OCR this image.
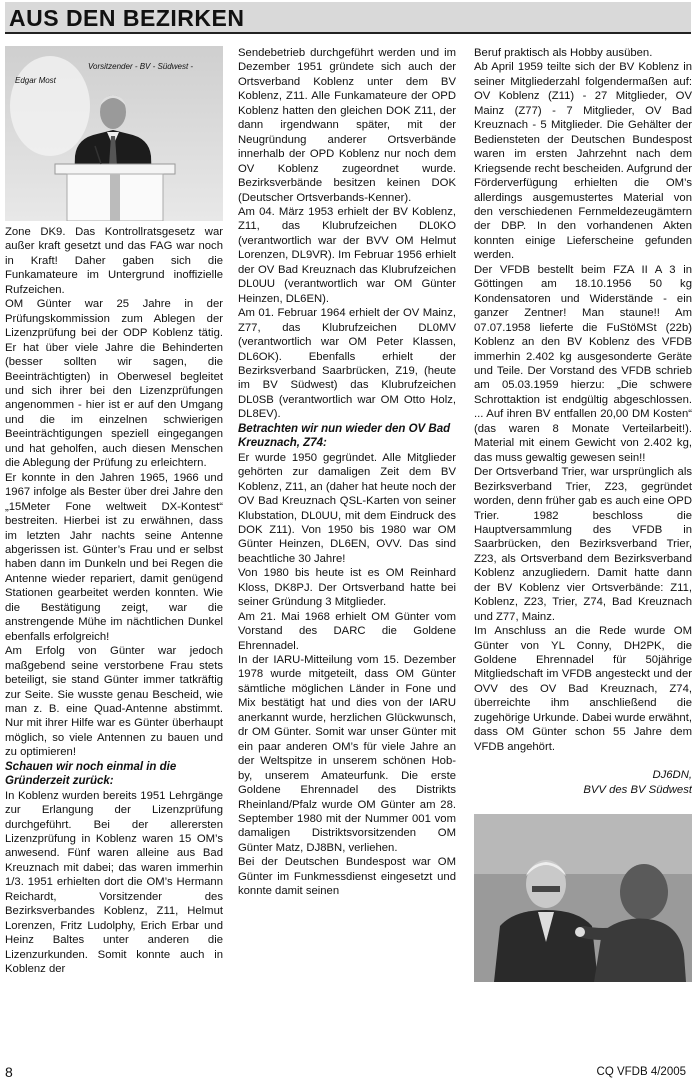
AUS DEN BEZIRKEN
Vorsitzender - BV - Südwest -
Edgar Most

Zone DK9. Das Kontrollratsgesetz war außer kraft gesetzt und das FAG war noch in Kraft! Daher gaben sich die Funkamateure im Untergrund inoffizielle Rufzeichen.

OM Günter war 25 Jahre in der Prüfungskommission zum Ablegen der Lizenzprüfung bei der ODP Koblenz tätig. Er hat über viele Jahre die Behinderten (besser sollten wir sagen, die Beeinträchtigten) in Oberwesel begleitet und sich ihrer bei den Lizenzprüfungen angenommen - hier ist er auf den Umgang und die im einzelnen schwierigen Beeinträchtigungen speziell eingegangen und hat geholfen, auch diesen Menschen die Ablegung der Prüfung zu erleichtern.

Er konnte in den Jahren 1965, 1966 und 1967 infolge als Bester über drei Jahre den „15Meter Fone weltweit DX-Kontest“ bestreiten. Hierbei ist zu erwähnen, dass im letzten Jahr nachts seine Antenne abgerissen ist. Günter’s Frau und er selbst haben dann im Dunkeln und bei Regen die Antenne wieder repariert, damit genügend Stationen gearbeitet werden konnten. Wie die Bestätigung zeigt, war die anstrengende Mühe im nächtlichen Dunkel ebenfalls erfolgreich!

Am Erfolg von Günter war jedoch maßgebend seine verstorbene Frau stets beteiligt, sie stand Günter immer tatkräftig zur Seite. Sie wusste genau Bescheid, wie man z. B. eine Quad-Antenne abstimmt. Nur mit ihrer Hilfe war es Günter überhaupt möglich, so viele Antennen zu bauen und zu optimieren!

Schauen wir noch einmal in die Gründerzeit zurück:

In Koblenz wurden bereits 1951 Lehrgänge zur Erlangung der Lizenzprüfung durchgeführt. Bei der allerersten Lizenzprüfung in Koblenz waren 15 OM’s anwesend. Fünf waren alleine aus Bad Kreuznach mit dabei; das waren immerhin 1/3. 1951 erhielten dort die OM’s Hermann Reichardt, Vorsitzender des Bezirksverbandes Koblenz, Z11, Helmut Lorenzen, Fritz Ludolphy, Erich Erbar und Heinz Baltes unter anderen die Lizenzurkunden. Somit konnte auch in Koblenz der

Sendebetrieb durchgeführt werden und im Dezember 1951 gründete sich auch der Ortsverband Koblenz unter dem BV Koblenz, Z11. Alle Funkamateure der OPD Koblenz hatten den gleichen DOK Z11, der dann irgendwann später, mit der Neugründung anderer Ortsverbände innerhalb der OPD Koblenz nur noch dem OV Koblenz zugeordnet wurde. Bezirksverbände besitzen keinen DOK (Deutscher Ortsverbands-Kenner).

Am 04. März 1953 erhielt der BV Koblenz, Z11, das Klubrufzeichen DL0KO (verantwortlich war der BVV OM Helmut Lorenzen, DL9VR). Im Februar 1956 erhielt der OV Bad Kreuznach das Klubrufzeichen DL0UU (verantwortlich war OM Günter Heinzen, DL6EN).

Am 01. Februar 1964 erhielt der OV Mainz, Z77, das Klubrufzeichen DL0MV (verantwortlich war OM Peter Klassen, DL6OK). Ebenfalls erhielt der Bezirksverband Saarbrücken, Z19, (heute im BV Südwest) das Klubrufzeichen DL0SB (verantwortlich war OM Otto Holz, DL8EV).

Betrachten wir nun wieder den OV Bad Kreuznach, Z74:

Er wurde 1950 gegründet. Alle Mitglieder gehörten zur damaligen Zeit dem BV Koblenz, Z11, an (daher hat heute noch der OV Bad Kreuznach QSL-Karten von seiner Klubstation, DL0UU, mit dem Eindruck des DOK Z11). Von 1950 bis 1980 war OM Günter Heinzen, DL6EN, OVV. Das sind beachtliche 30 Jahre!

Von 1980 bis heute ist es OM Reinhard Kloss, DK8PJ. Der Ortsverband hatte bei seiner Gründung 3 Mitglieder.

Am 21. Mai 1968 erhielt OM Günter vom Vorstand des DARC die Goldene Ehrennadel.

In der IARU-Mitteilung vom 15. Dezember 1978 wurde mitgeteilt, dass OM Günter sämtliche möglichen Länder in Fone und Mix bestätigt hat und dies von der IARU anerkannt wurde, herzlichen Glückwunsch, dr OM Günter. Somit war unser Günter mit ein paar anderen OM’s für viele Jahre an der Weltspitze in unserem schönen Hob-by, unserem Amateurfunk. Die erste Goldene Ehrennadel des Distrikts Rheinland/Pfalz wurde OM Günter am 28. September 1980 mit der Nummer 001 vom damaligen Distriktsvorsitzenden OM Günter Matz, DJ8BN, verliehen.

Bei der Deutschen Bundespost war OM Günter im Funkmessdienst eingesetzt und konnte damit seinen

Beruf praktisch als Hobby ausüben.

Ab April 1959 teilte sich der BV Koblenz in seiner Mitgliederzahl folgendermaßen auf: OV Koblenz (Z11) - 27 Mitglieder, OV Mainz (Z77) - 7 Mitglieder, OV Bad Kreuznach - 5 Mitglieder. Die Gehälter der Bediensteten der Deutschen Bundespost waren im ersten Jahrzehnt nach dem Kriegsende recht bescheiden. Aufgrund der Förderverfügung erhielten die OM’s allerdings ausgemustertes Material von den verschiedenen Fernmeldezeugämtern der DBP. In den vorhandenen Akten konnten einige Lieferscheine gefunden werden.

Der VFDB bestellt beim FZA II A 3 in Göttingen am 18.10.1956 50 kg Kondensatoren und Widerstände - ein ganzer Zentner! Man staune!! Am 07.07.1958 lieferte die FuStöMSt (22b) Koblenz an den BV Koblenz des VFDB immerhin 2.402 kg ausgesonderte Geräte und Teile. Der Vorstand des VFDB schrieb am 05.03.1959 hierzu: „Die schwere Schrottaktion ist endgültig abgeschlossen. ... Auf ihren BV entfallen 20,00 DM Kosten“ (das waren 8 Monate Verteilarbeit!). Material mit einem Gewicht von 2.402 kg, das muss gewaltig gewesen sein!!

Der Ortsverband Trier, war ursprünglich als Bezirksverband Trier, Z23, gegründet worden, denn früher gab es auch eine OPD Trier. 1982 beschloss die Hauptversammlung des VFDB in Saarbrücken, den Bezirksverband Trier, Z23, als Ortsverband dem Bezirksverband Koblenz anzugliedern. Damit hatte dann der BV Koblenz vier Ortsverbände: Z11, Koblenz, Z23, Trier, Z74, Bad Kreuznach und Z77, Mainz.

Im Anschluss an die Rede wurde OM Günter von YL Conny, DH2PK, die Goldene Ehrennadel für 50jährige Mitgliedschaft im VFDB angesteckt und der OVV des OV Bad Kreuznach, Z74, überreichte ihm anschließend die zugehörige Urkunde. Dabei wurde erwähnt, dass OM Günter schon 55 Jahre dem VFDB angehört.

DJ6DN,
BVV des BV Südwest
8	CQ VFDB 4/2005
